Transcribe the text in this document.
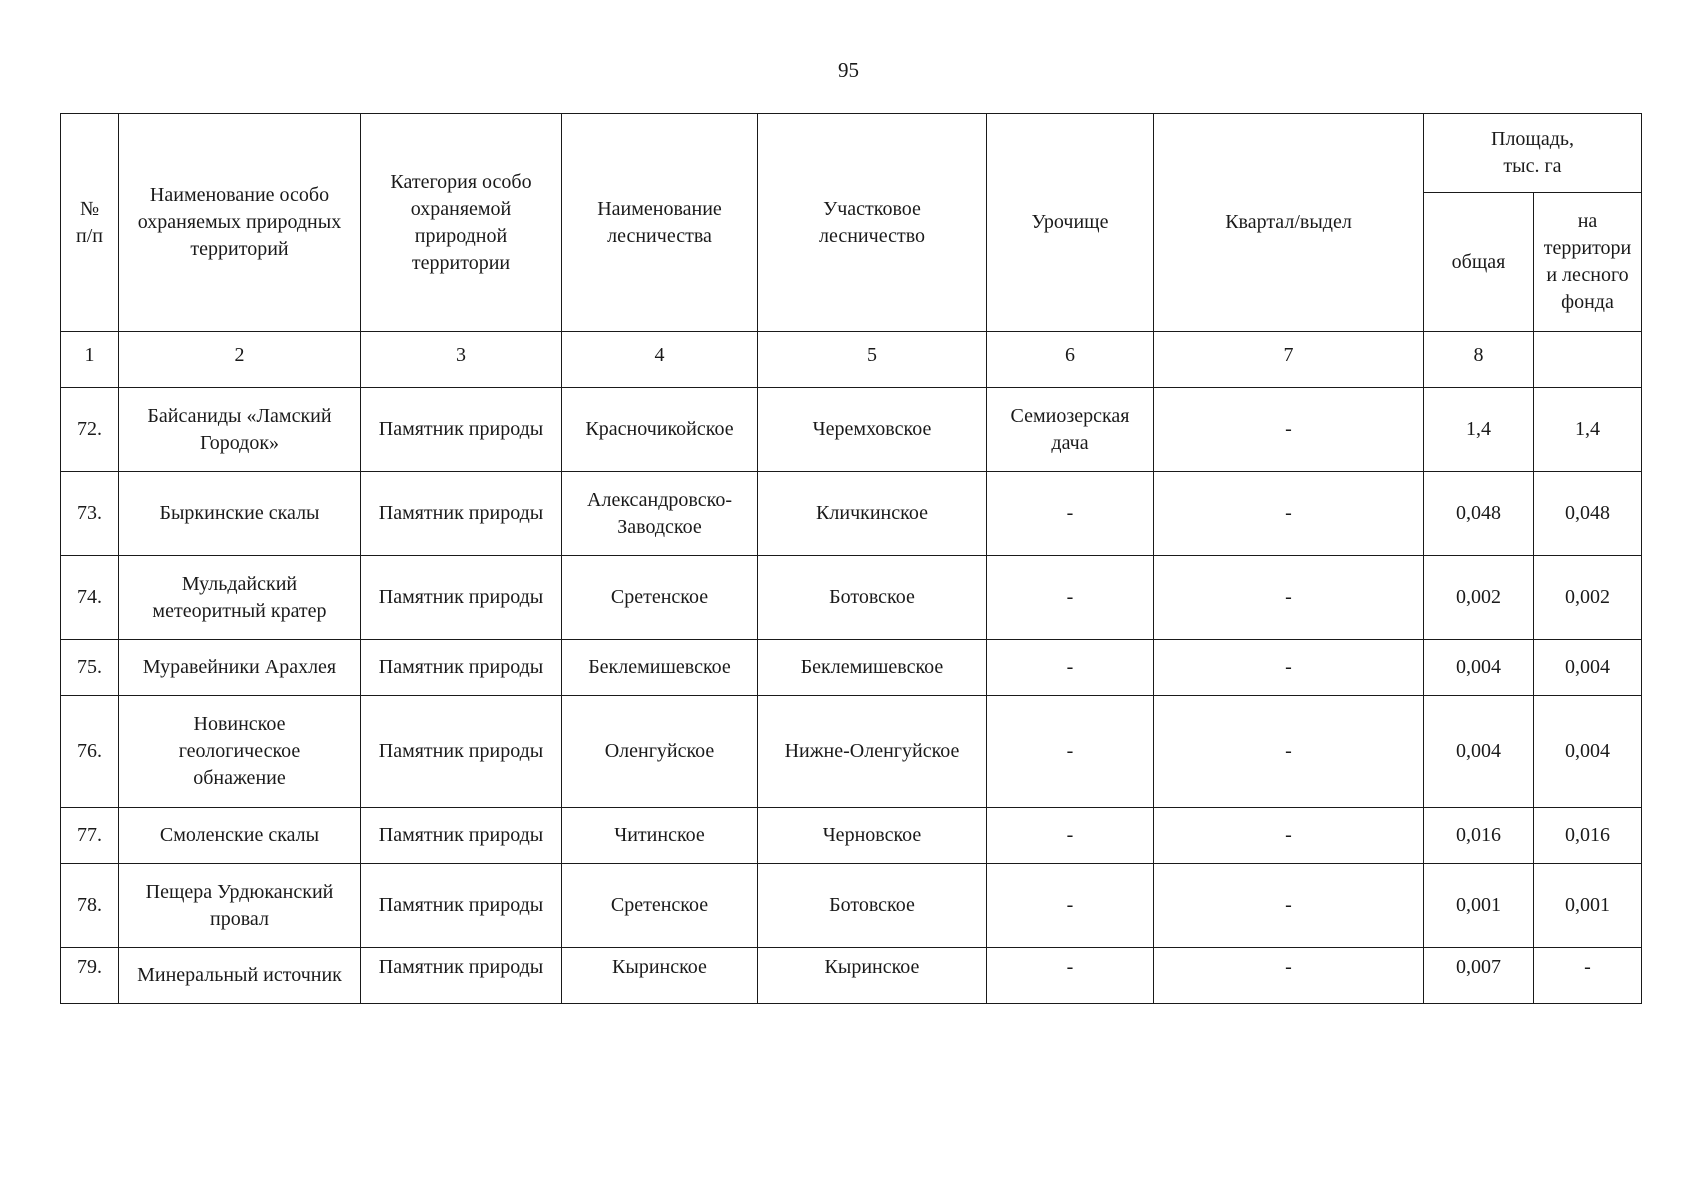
95
№
п/п	Наименование особо
охраняемых природных
территорий	Категория особо
охраняемой
природной
территории	Наименование
лесничества	Участковое
лесничество	Урочище	Квартал/выдел	Площадь,
тыс. га	

							общая	на
территори
и лесного
фонда

1	2	3	4	5	6	7	8	
72.	Байсаниды «Ламский
Городок»	Памятник природы	Красночикойское	Черемховское	Семиозерская
дача	-	1,4	1,4
73.	Быркинские скалы	Памятник природы	Александровско-
Заводское	Кличкинское	-	-	0,048	0,048
74.	Мульдайский
метеоритный кратер	Памятник природы	Сретенское	Ботовское	-	-	0,002	0,002
75.	Муравейники Арахлея	Памятник природы	Беклемишевское	Беклемишевское	-	-	0,004	0,004
76.	Новинское
геологическое
обнажение	Памятник природы	Оленгуйское	Нижне-Оленгуйское	-	-	0,004	0,004
77.	Смоленские скалы	Памятник природы	Читинское	Черновское	-	-	0,016	0,016
78.	Пещера Урдюканский
провал	Памятник природы	Сретенское	Ботовское	-	-	0,001	0,001
79.	Минеральный источник	Памятник природы	Кыринское	Кыринское	-	-	0,007	-
